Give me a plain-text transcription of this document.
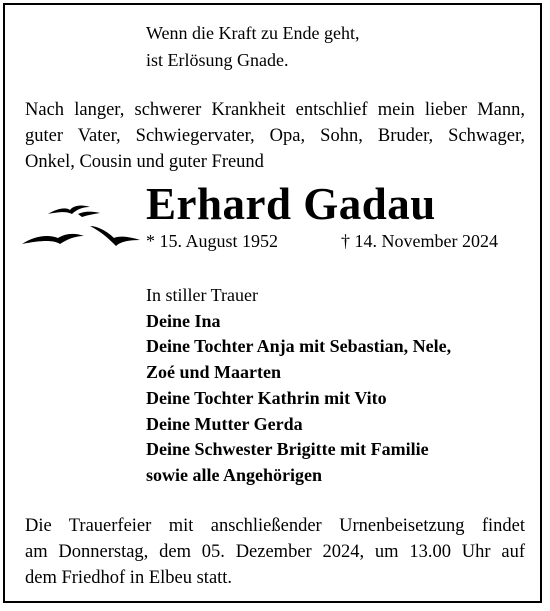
Wenn die Kraft zu Ende geht,
ist Erlösung Gnade.
Nach langer, schwerer Krankheit entschlief mein lieber Mann,
guter Vater, Schwiegervater, Opa, Sohn, Bruder, Schwager,
Onkel, Cousin und guter Freund
Erhard Gadau
* 15. August 1952	† 14. November 2024
In stiller Trauer
Deine Ina
Deine Tochter Anja mit Sebastian, Nele,
Zoé und Maarten
Deine Tochter Kathrin mit Vito
Deine Mutter Gerda
Deine Schwester Brigitte mit Familie
sowie alle Angehörigen
Die Trauerfeier mit anschließender Urnenbeisetzung findet
am Donnerstag, dem 05. Dezember 2024, um 13.00 Uhr auf
dem Friedhof in Elbeu statt.
